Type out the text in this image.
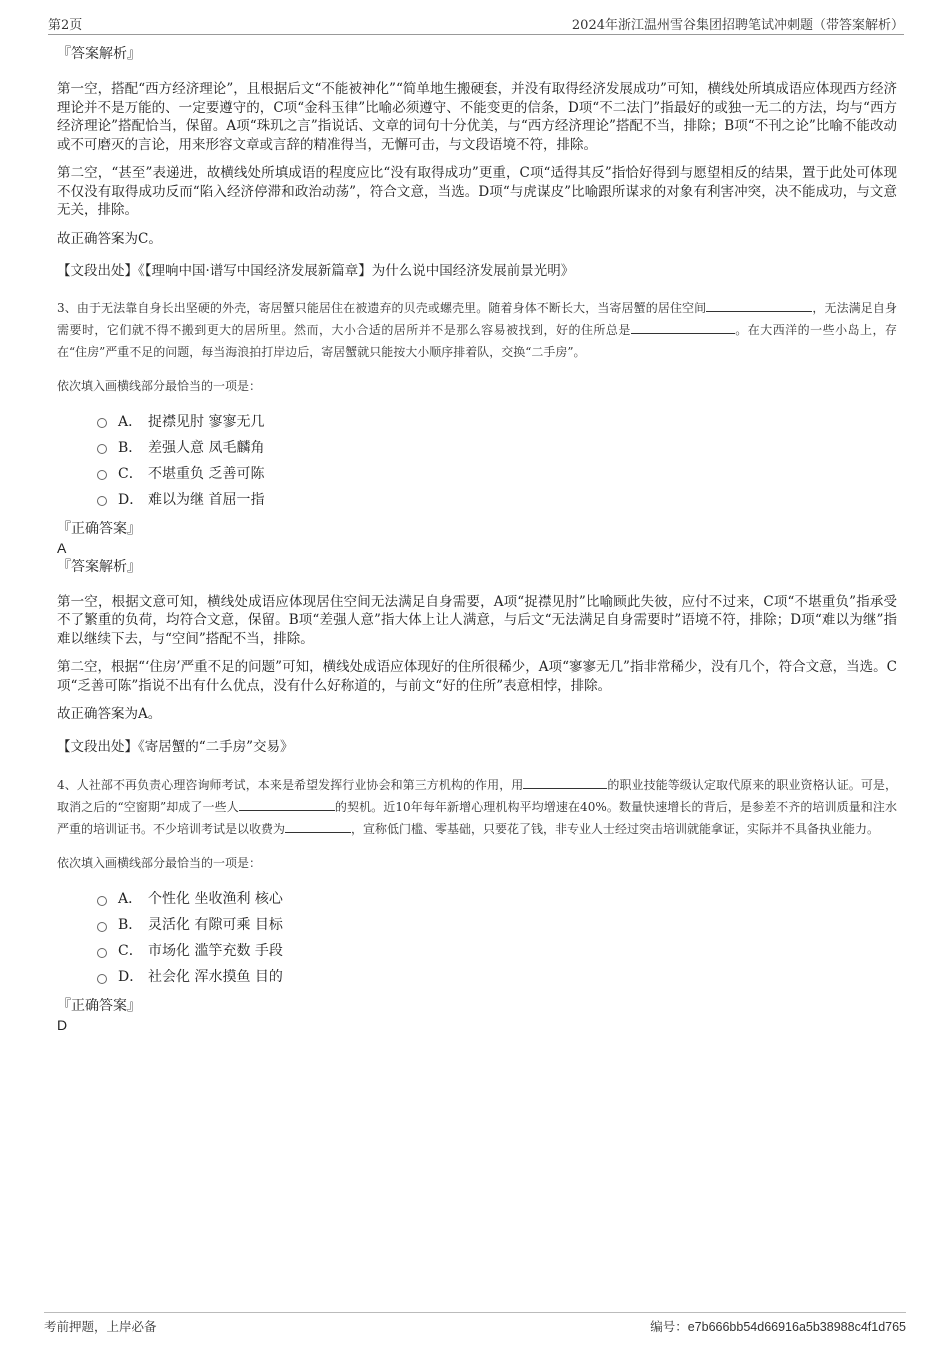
第2页	2024年浙江温州雪谷集团招聘笔试冲刺题（带答案解析）

『答案解析』

第一空，搭配“西方经济理论”，且根据后文“不能被神化”“简单地生搬硬套，并没有取得经济发展成功”可知，横线处所填成语应体现西方经济理论并不是万能的、一定要遵守的，C项“金科玉律”比喻必须遵守、不能变更的信条，D项“不二法门”指最好的或独一无二的方法，均与“西方经济理论”搭配恰当，保留。A项“珠玑之言”指说话、文章的词句十分优美，与“西方经济理论”搭配不当，排除；B项“不刊之论”比喻不能改动或不可磨灭的言论，用来形容文章或言辞的精准得当，无懈可击，与文段语境不符，排除。

第二空，“甚至”表递进，故横线处所填成语的程度应比“没有取得成功”更重，C项“适得其反”指恰好得到与愿望相反的结果，置于此处可体现不仅没有取得成功反而“陷入经济停滞和政治动荡”，符合文意，当选。D项“与虎谋皮”比喻跟所谋求的对象有利害冲突，决不能成功，与文意无关，排除。

故正确答案为C。

【文段出处】《【理响中国·谱写中国经济发展新篇章】为什么说中国经济发展前景光明》

3、由于无法靠自身长出坚硬的外壳，寄居蟹只能居住在被遗弃的贝壳或螺壳里。随着身体不断长大，当寄居蟹的居住空间	，无法满足自身需要时，它们就不得不搬到更大的居所里。然而，大小合适的居所并不是那么容易被找到，好的住所总是	。在大西洋的一些小岛上，存在“住房”严重不足的问题，每当海浪拍打岸边后，寄居蟹就只能按大小顺序排着队，交换“二手房”。

依次填入画横线部分最恰当的一项是：

A． 捉襟见肘 寥寥无几
B． 差强人意 凤毛麟角
C． 不堪重负 乏善可陈
D． 难以为继 首屈一指

『正确答案』

A

『答案解析』

第一空，根据文意可知，横线处成语应体现居住空间无法满足自身需要，A项“捉襟见肘”比喻顾此失彼，应付不过来，C项“不堪重负”指承受不了繁重的负荷，均符合文意，保留。B项“差强人意”指大体上让人满意，与后文“无法满足自身需要时”语境不符，排除；D项“难以为继”指难以继续下去，与“空间”搭配不当，排除。

第二空，根据“‘住房’严重不足的问题”可知，横线处成语应体现好的住所很稀少，A项“寥寥无几”指非常稀少，没有几个，符合文意，当选。C项“乏善可陈”指说不出有什么优点，没有什么好称道的，与前文“好的住所”表意相悖，排除。

故正确答案为A。

【文段出处】《寄居蟹的“二手房”交易》

4、人社部不再负责心理咨询师考试，本来是希望发挥行业协会和第三方机构的作用，用	的职业技能等级认定取代原来的职业资格认证。可是，取消之后的“空窗期”却成了一些人	的契机。近10年每年新增心理机构平均增速在40%。数量快速增长的背后，是参差不齐的培训质量和注水严重的培训证书。不少培训考试是以收费为	，宣称低门槛、零基础，只要花了钱，非专业人士经过突击培训就能拿证，实际并不具备执业能力。

依次填入画横线部分最恰当的一项是：

A． 个性化 坐收渔利 核心
B． 灵活化 有隙可乘 目标
C． 市场化 滥竽充数 手段
D． 社会化 浑水摸鱼 目的

『正确答案』

D

考前押题，上岸必备	编号：e7b666bb54d66916a5b38988c4f1d765
